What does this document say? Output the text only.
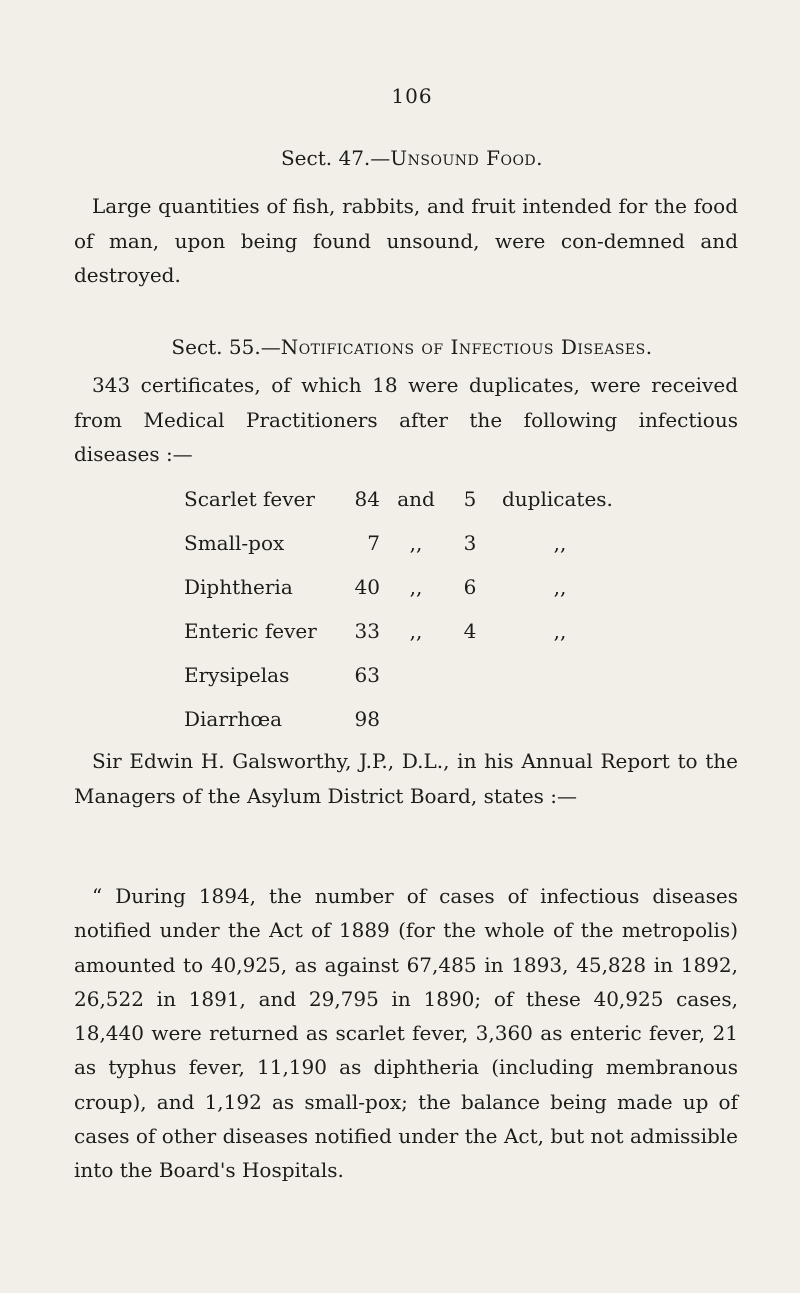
106
Sect. 47.—Unsound Food.

Large quantities of fish, rabbits, and fruit intended for the food of man, upon being found unsound, were con-demned and destroyed.

Sect. 55.—Notifications of Infectious Diseases.

343 certificates, of which 18 were duplicates, were received from Medical Practitioners after the following infectious diseases :—

Scarlet fever	84	and	5	duplicates.
Small-pox	7	,,	3	,,
Diphtheria	40	,,	6	,,
Enteric fever	33	,,	4	,,
Erysipelas	63			
Diarrhœa	98			

Sir Edwin H. Galsworthy, J.P., D.L., in his Annual Report to the Managers of the Asylum District Board, states :—

“ During 1894, the number of cases of infectious diseases notified under the Act of 1889 (for the whole of the metropolis) amounted to 40,925, as against 67,485 in 1893, 45,828 in 1892, 26,522 in 1891, and 29,795 in 1890; of these 40,925 cases, 18,440 were returned as scarlet fever, 3,360 as enteric fever, 21 as typhus fever, 11,190 as diphtheria (including membranous croup), and 1,192 as small-pox; the balance being made up of cases of other diseases notified under the Act, but not admissible into the Board's Hospitals.
